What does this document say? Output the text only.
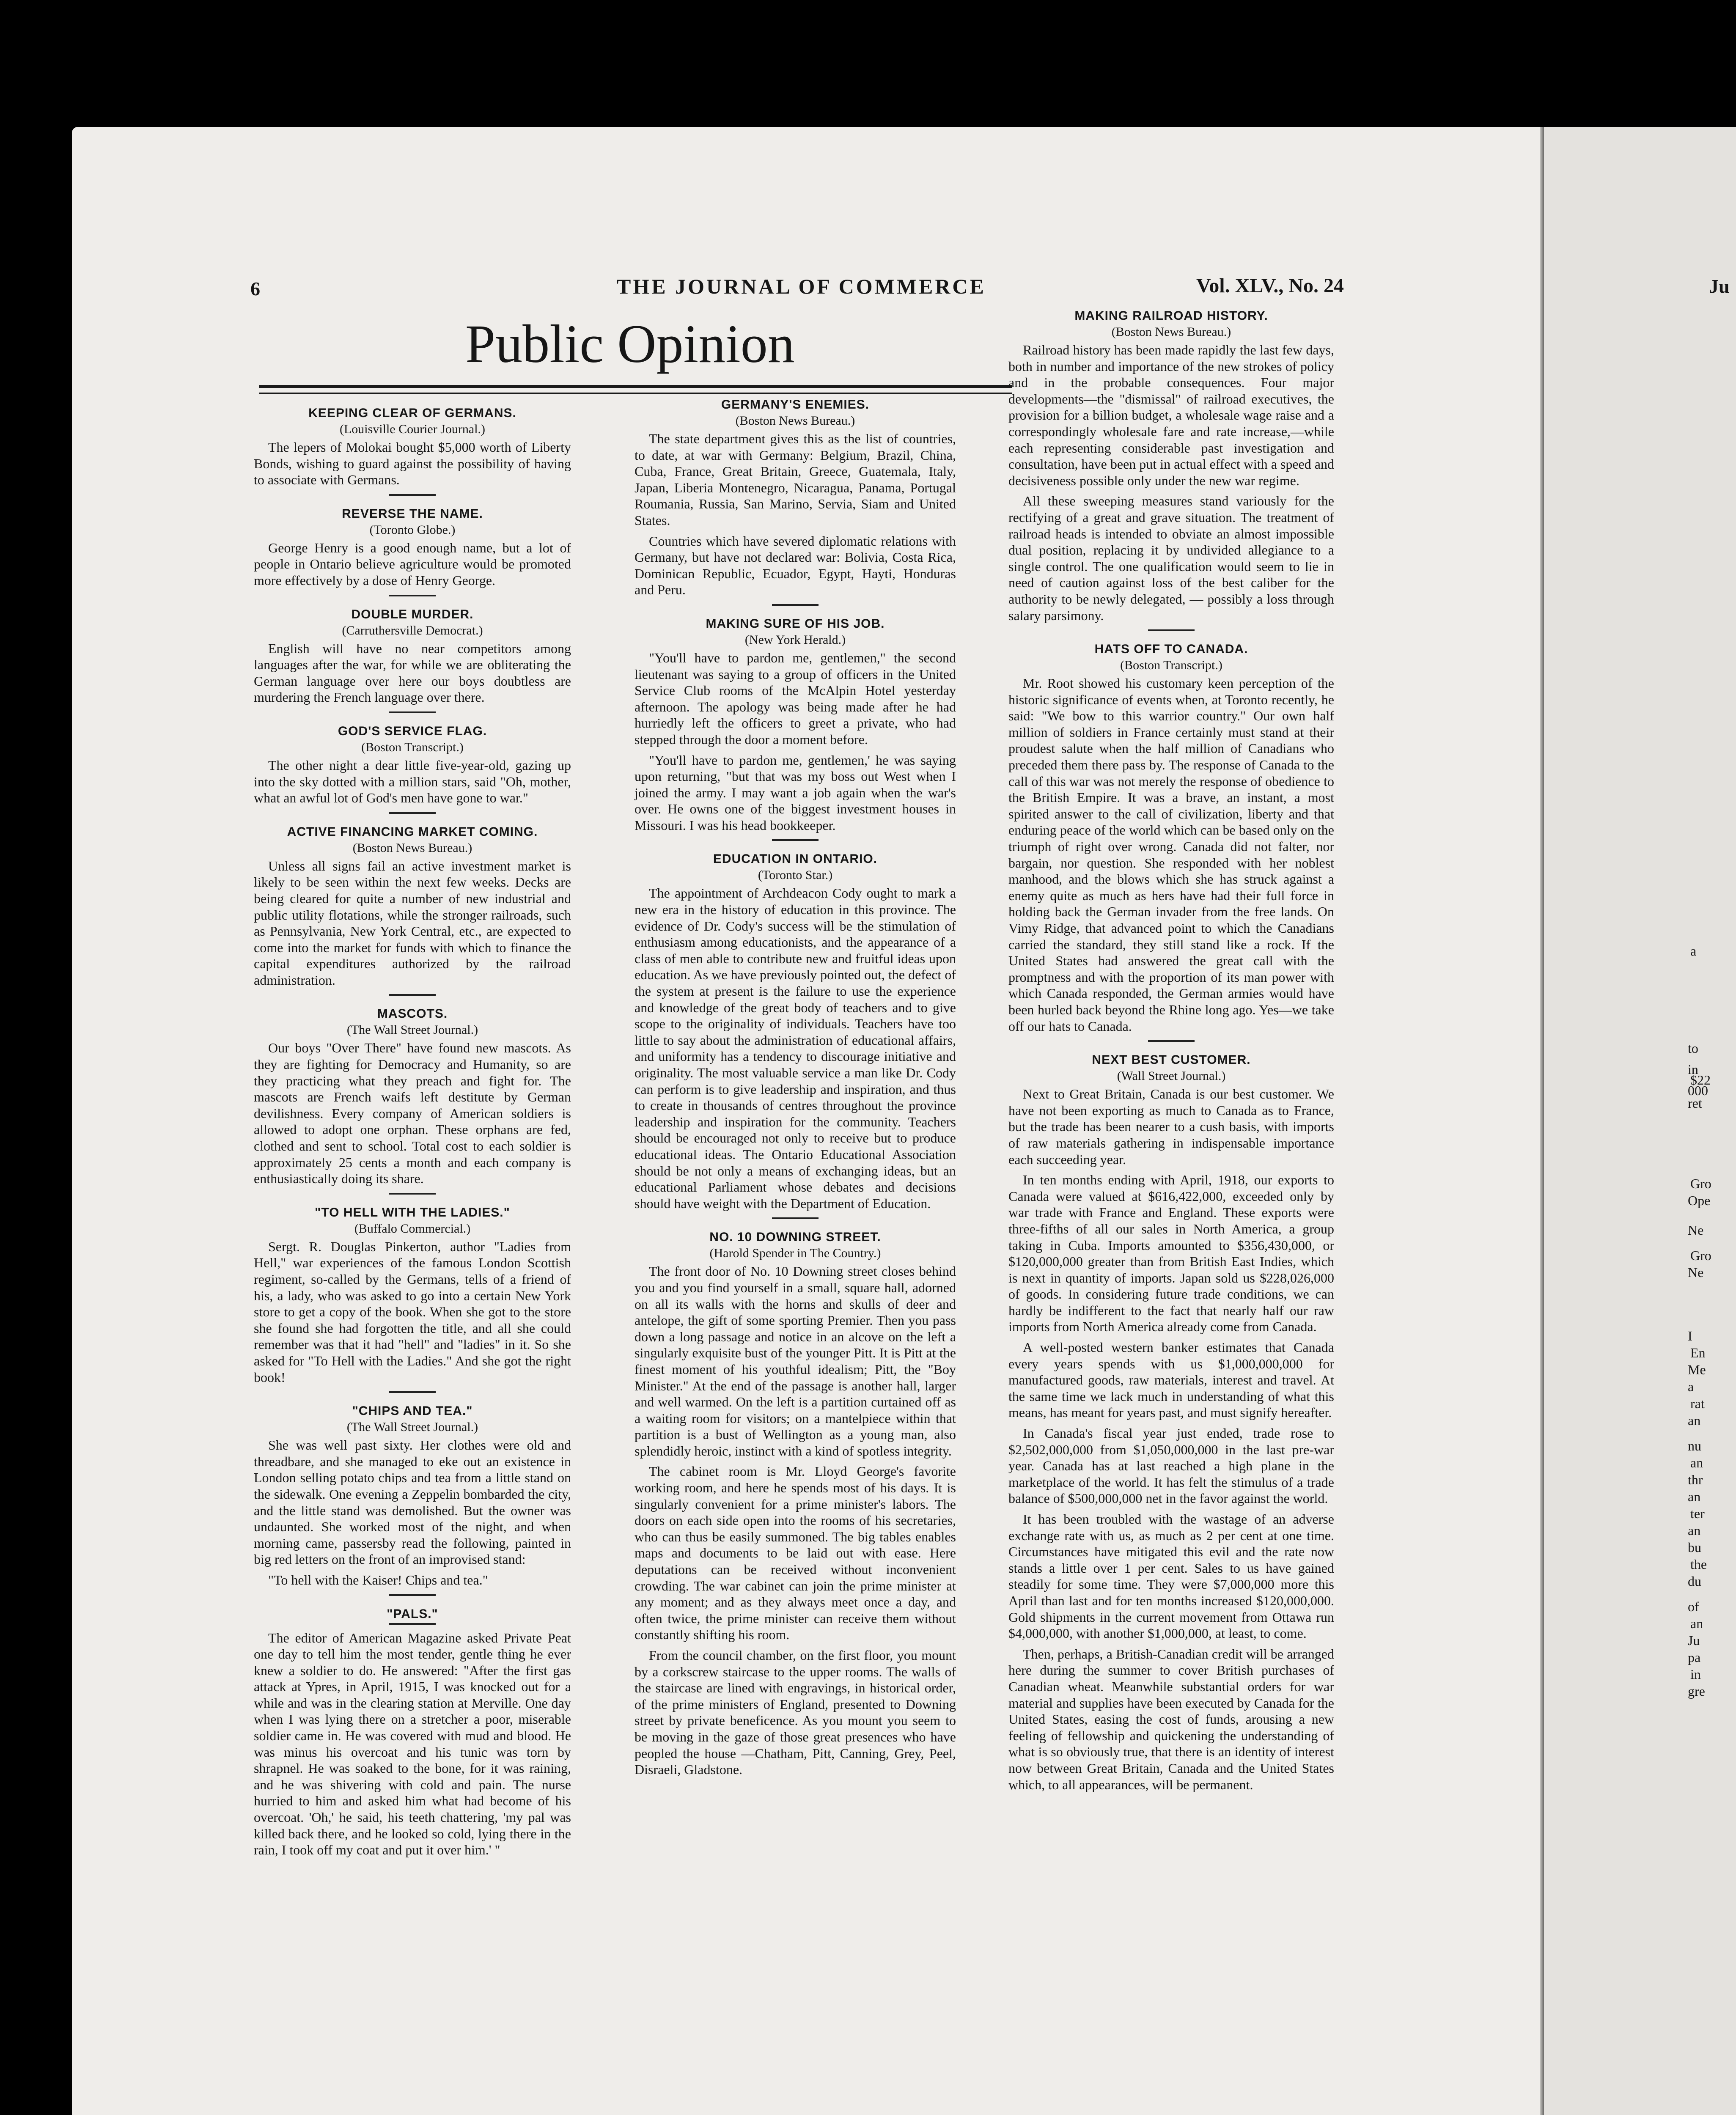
6	THE JOURNAL OF COMMERCE	Vol. XLV., No. 24	Ju
Public Opinion
KEEPING CLEAR OF GERMANS.
(Louisville Courier Journal.)

The lepers of Molokai bought $5,000 worth of Liberty Bonds, wishing to guard against the possibility of having to associate with Germans.

REVERSE THE NAME.
(Toronto Globe.)

George Henry is a good enough name, but a lot of people in Ontario believe agriculture would be promoted more effectively by a dose of Henry George.

DOUBLE MURDER.
(Carruthersville Democrat.)

English will have no near competitors among languages after the war, for while we are obliterating the German language over here our boys doubtless are murdering the French language over there.

GOD'S SERVICE FLAG.
(Boston Transcript.)

The other night a dear little five-year-old, gazing up into the sky dotted with a million stars, said "Oh, mother, what an awful lot of God's men have gone to war."

ACTIVE FINANCING MARKET COMING.
(Boston News Bureau.)

Unless all signs fail an active investment market is likely to be seen within the next few weeks. Decks are being cleared for quite a number of new industrial and public utility flotations, while the stronger railroads, such as Pennsylvania, New York Central, etc., are expected to come into the market for funds with which to finance the capital expenditures authorized by the railroad administration.

MASCOTS.
(The Wall Street Journal.)

Our boys "Over There" have found new mascots. As they are fighting for Democracy and Humanity, so are they practicing what they preach and fight for. The mascots are French waifs left destitute by German devilishness. Every company of American soldiers is allowed to adopt one orphan. These orphans are fed, clothed and sent to school. Total cost to each soldier is approximately 25 cents a month and each company is enthusiastically doing its share.

"TO HELL WITH THE LADIES."
(Buffalo Commercial.)

Sergt. R. Douglas Pinkerton, author "Ladies from Hell," war experiences of the famous London Scottish regiment, so-called by the Germans, tells of a friend of his, a lady, who was asked to go into a certain New York store to get a copy of the book. When she got to the store she found she had forgotten the title, and all she could remember was that it had "hell" and "ladies" in it. So she asked for "To Hell with the Ladies." And she got the right book!

"CHIPS AND TEA."
(The Wall Street Journal.)

She was well past sixty. Her clothes were old and threadbare, and she managed to eke out an existence in London selling potato chips and tea from a little stand on the sidewalk. One evening a Zeppelin bombarded the city, and the little stand was demolished. But the owner was undaunted. She worked most of the night, and when morning came, passersby read the following, painted in big red letters on the front of an improvised stand:

"To hell with the Kaiser! Chips and tea."

"PALS."

The editor of American Magazine asked Private Peat one day to tell him the most tender, gentle thing he ever knew a soldier to do. He answered: "After the first gas attack at Ypres, in April, 1915, I was knocked out for a while and was in the clearing station at Merville. One day when I was lying there on a stretcher a poor, miserable soldier came in. He was covered with mud and blood. He was minus his overcoat and his tunic was torn by shrapnel. He was soaked to the bone, for it was raining, and he was shivering with cold and pain. The nurse hurried to him and asked him what had become of his overcoat. 'Oh,' he said, his teeth chattering, 'my pal was killed back there, and he looked so cold, lying there in the rain, I took off my coat and put it over him.' "

GERMANY'S ENEMIES.
(Boston News Bureau.)

The state department gives this as the list of countries, to date, at war with Germany: Belgium, Brazil, China, Cuba, France, Great Britain, Greece, Guatemala, Italy, Japan, Liberia Montenegro, Nicaragua, Panama, Portugal Roumania, Russia, San Marino, Servia, Siam and United States.

Countries which have severed diplomatic relations with Germany, but have not declared war: Bolivia, Costa Rica, Dominican Republic, Ecuador, Egypt, Hayti, Honduras and Peru.

MAKING SURE OF HIS JOB.
(New York Herald.)

"You'll have to pardon me, gentlemen," the second lieutenant was saying to a group of officers in the United Service Club rooms of the McAlpin Hotel yesterday afternoon. The apology was being made after he had hurriedly left the officers to greet a private, who had stepped through the door a moment before.

"You'll have to pardon me, gentlemen,' he was saying upon returning, "but that was my boss out West when I joined the army. I may want a job again when the war's over. He owns one of the biggest investment houses in Missouri. I was his head bookkeeper.

EDUCATION IN ONTARIO.
(Toronto Star.)

The appointment of Archdeacon Cody ought to mark a new era in the history of education in this province. The evidence of Dr. Cody's success will be the stimulation of enthusiasm among educationists, and the appearance of a class of men able to contribute new and fruitful ideas upon education. As we have previously pointed out, the defect of the system at present is the failure to use the experience and knowledge of the great body of teachers and to give scope to the originality of individuals. Teachers have too little to say about the administration of educational affairs, and uniformity has a tendency to discourage initiative and originality. The most valuable service a man like Dr. Cody can perform is to give leadership and inspiration, and thus to create in thousands of centres throughout the province leadership and inspiration for the community. Teachers should be encouraged not only to receive but to produce educational ideas. The Ontario Educational Association should be not only a means of exchanging ideas, but an educational Parliament whose debates and decisions should have weight with the Department of Education.

NO. 10 DOWNING STREET.
(Harold Spender in The Country.)

The front door of No. 10 Downing street closes behind you and you find yourself in a small, square hall, adorned on all its walls with the horns and skulls of deer and antelope, the gift of some sporting Premier. Then you pass down a long passage and notice in an alcove on the left a singularly exquisite bust of the younger Pitt. It is Pitt at the finest moment of his youthful idealism; Pitt, the "Boy Minister." At the end of the passage is another hall, larger and well warmed. On the left is a partition curtained off as a waiting room for visitors; on a mantelpiece within that partition is a bust of Wellington as a young man, also splendidly heroic, instinct with a kind of spotless integrity.

The cabinet room is Mr. Lloyd George's favorite working room, and here he spends most of his days. It is singularly convenient for a prime minister's labors. The doors on each side open into the rooms of his secretaries, who can thus be easily summoned. The big tables enables maps and documents to be laid out with ease. Here deputations can be received without inconvenient crowding. The war cabinet can join the prime minister at any moment; and as they always meet once a day, and often twice, the prime minister can receive them without constantly shifting his room.

From the council chamber, on the first floor, you mount by a corkscrew staircase to the upper rooms. The walls of the staircase are lined with engravings, in historical order, of the prime ministers of England, presented to Downing street by private beneficence. As you mount you seem to be moving in the gaze of those great presences who have peopled the house —Chatham, Pitt, Canning, Grey, Peel, Disraeli, Gladstone.

MAKING RAILROAD HISTORY.
(Boston News Bureau.)

Railroad history has been made rapidly the last few days, both in number and importance of the new strokes of policy and in the probable consequences. Four major developments—the "dismissal" of railroad executives, the provision for a billion budget, a wholesale wage raise and a correspondingly wholesale fare and rate increase,—while each representing considerable past investigation and consultation, have been put in actual effect with a speed and decisiveness possible only under the new war regime.

All these sweeping measures stand variously for the rectifying of a great and grave situation. The treatment of railroad heads is intended to obviate an almost impossible dual position, replacing it by undivided allegiance to a single control. The one qualification would seem to lie in need of caution against loss of the best caliber for the authority to be newly delegated, — possibly a loss through salary parsimony.

HATS OFF TO CANADA.
(Boston Transcript.)

Mr. Root showed his customary keen perception of the historic significance of events when, at Toronto recently, he said: "We bow to this warrior country." Our own half million of soldiers in France certainly must stand at their proudest salute when the half million of Canadians who preceded them there pass by. The response of Canada to the call of this war was not merely the response of obedience to the British Empire. It was a brave, an instant, a most spirited answer to the call of civilization, liberty and that enduring peace of the world which can be based only on the triumph of right over wrong. Canada did not falter, nor bargain, nor question. She responded with her noblest manhood, and the blows which she has struck against a enemy quite as much as hers have had their full force in holding back the German invader from the free lands. On Vimy Ridge, that advanced point to which the Canadians carried the standard, they still stand like a rock. If the United States had answered the great call with the promptness and with the proportion of its man power with which Canada responded, the German armies would have been hurled back beyond the Rhine long ago. Yes—we take off our hats to Canada.

NEXT BEST CUSTOMER.
(Wall Street Journal.)

Next to Great Britain, Canada is our best customer. We have not been exporting as much to Canada as to France, but the trade has been nearer to a cush basis, with imports of raw materials gathering in indispensable importance each succeeding year.

In ten months ending with April, 1918, our exports to Canada were valued at $616,422,000, exceeded only by war trade with France and England. These exports were three-fifths of all our sales in North America, a group taking in Cuba. Imports amounted to $356,430,000, or $120,000,000 greater than from British East Indies, which is next in quantity of imports. Japan sold us $228,026,000 of goods. In considering future trade conditions, we can hardly be indifferent to the fact that nearly half our raw imports from North America already come from Canada.

A well-posted western banker estimates that Canada every years spends with us $1,000,000,000 for manufactured goods, raw materials, interest and travel. At the same time we lack much in understanding of what this means, has meant for years past, and must signify hereafter.

In Canada's fiscal year just ended, trade rose to $2,502,000,000 from $1,050,000,000 in the last pre-war year. Canada has at last reached a high plane in the marketplace of the world. It has felt the stimulus of a trade balance of $500,000,000 net in the favor against the world.

It has been troubled with the wastage of an adverse exchange rate with us, as much as 2 per cent at one time. Circumstances have mitigated this evil and the rate now stands a little over 1 per cent. Sales to us have gained steadily for some time. They were $7,000,000 more this April than last and for ten months increased $120,000,000. Gold shipments in the current movement from Ottawa run $4,000,000, with another $1,000,000, at least, to come.

Then, perhaps, a British-Canadian credit will be arranged here during the summer to cover British purchases of Canadian wheat. Meanwhile substantial orders for war material and supplies have been executed by Canada for the United States, easing the cost of funds, arousing a new feeling of fellowship and quickening the understanding of what is so obviously true, that there is an identity of interest now between Great Britain, Canada and the United States which, to all appearances, will be permanent.

a
to
in
$22
000
ret
Gro
Ope
Ne
Gro
Ne
I
En
Me
a
rat
an
nu
an
thr
an
ter
an
bu
the
du
of
an
Ju
pa
in
gre
